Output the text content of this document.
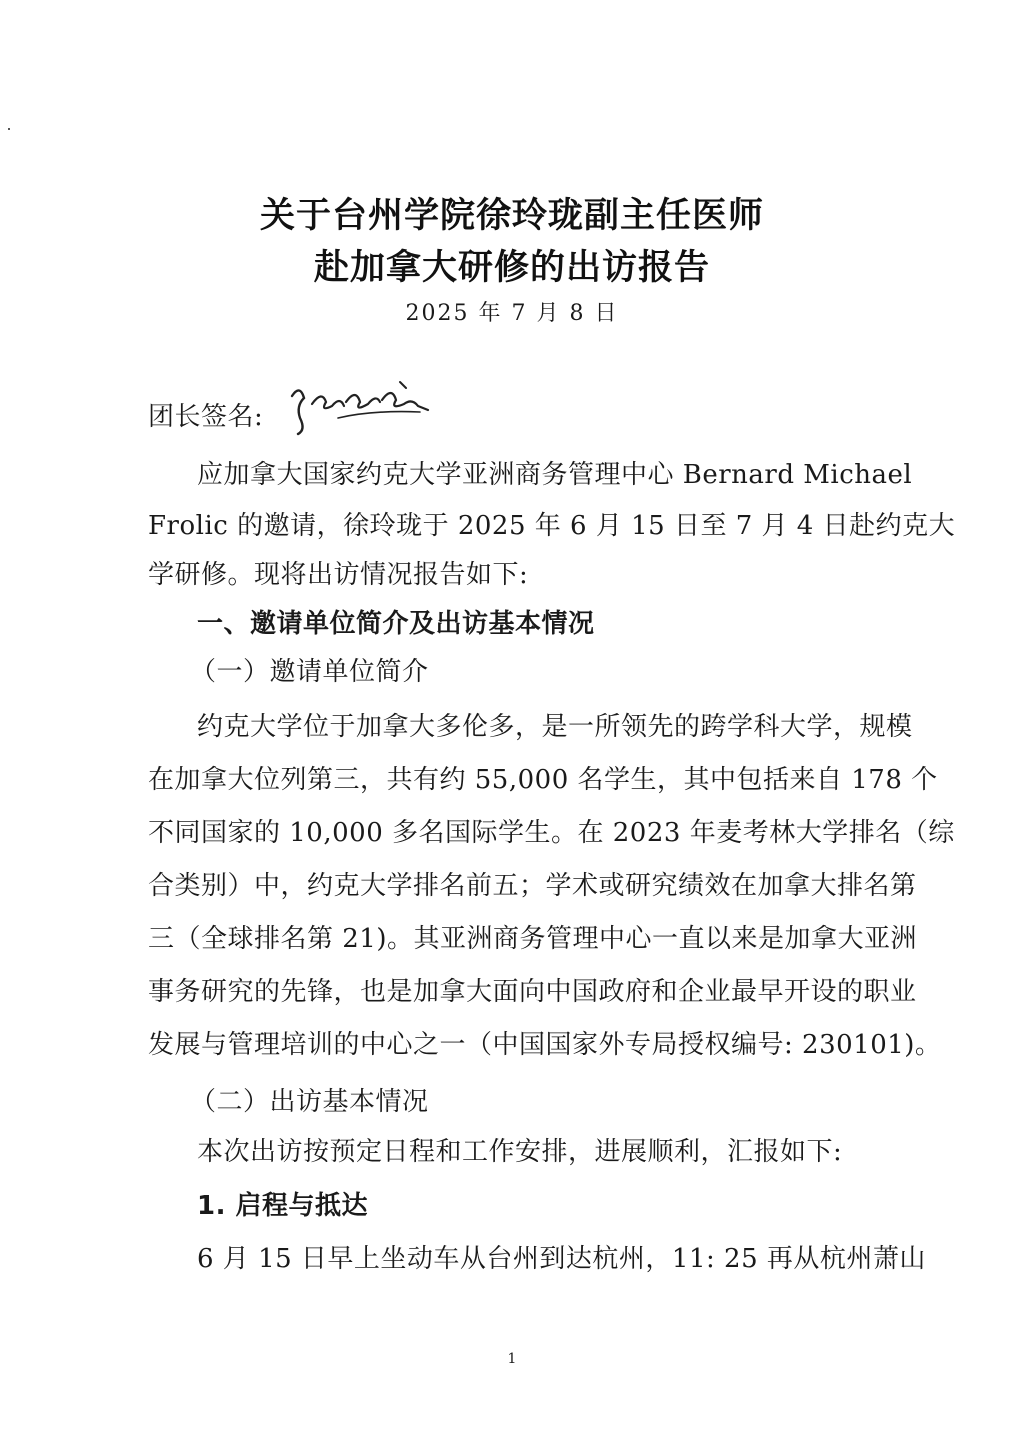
关于台州学院徐玲珑副主任医师
赴加拿大研修的出访报告
2025 年 7 月 8 日
团长签名:
应加拿大国家约克大学亚洲商务管理中心 Bernard Michael
Frolic 的邀请，徐玲珑于 2025 年 6 月 15 日至 7 月 4 日赴约克大
学研修。现将出访情况报告如下:
一、邀请单位简介及出访基本情况
（一）邀请单位简介
约克大学位于加拿大多伦多，是一所领先的跨学科大学，规模
在加拿大位列第三，共有约 55,000 名学生，其中包括来自 178 个
不同国家的 10,000 多名国际学生。在 2023 年麦考林大学排名（综
合类别）中，约克大学排名前五；学术或研究绩效在加拿大排名第
三（全球排名第 21)。其亚洲商务管理中心一直以来是加拿大亚洲
事务研究的先锋，也是加拿大面向中国政府和企业最早开设的职业
发展与管理培训的中心之一（中国国家外专局授权编号: 230101)。
（二）出访基本情况
本次出访按预定日程和工作安排，进展顺利，汇报如下:
1. 启程与抵达
6 月 15 日早上坐动车从台州到达杭州，11: 25 再从杭州萧山
1
